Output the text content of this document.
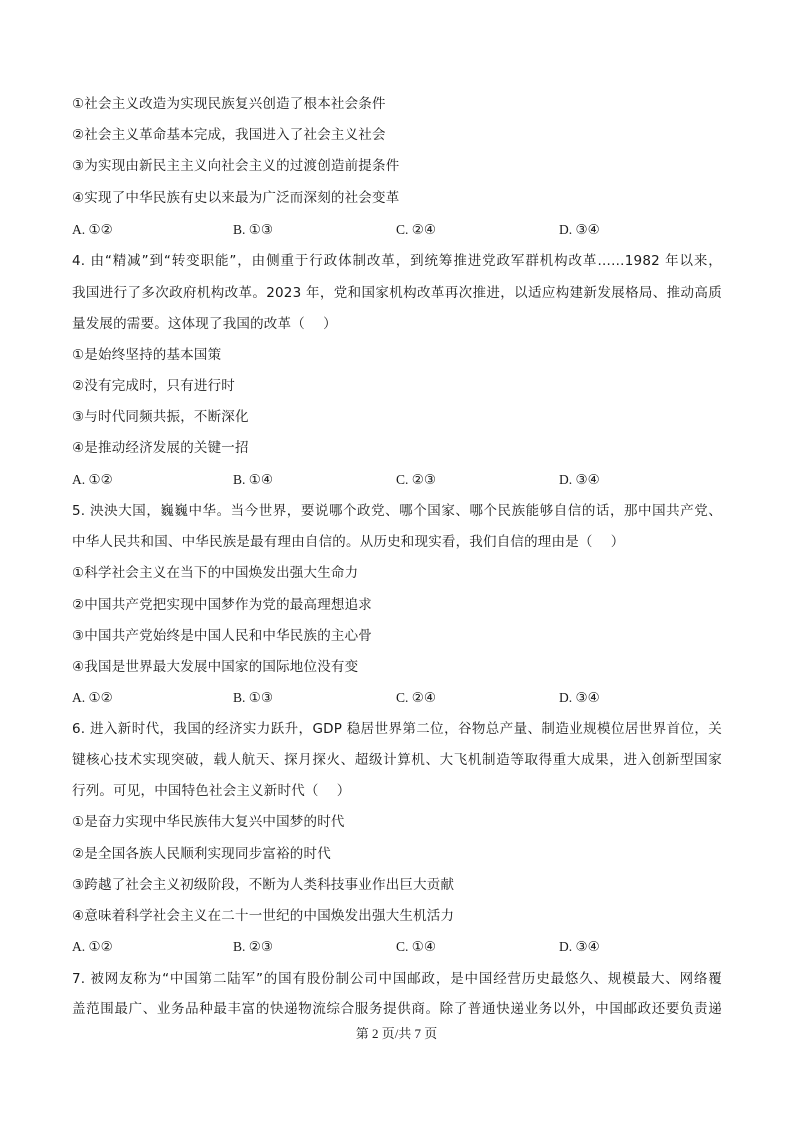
①社会主义改造为实现民族复兴创造了根本社会条件
②社会主义革命基本完成，我国进入了社会主义社会
③为实现由新民主主义向社会主义的过渡创造前提条件
④实现了中华民族有史以来最为广泛而深刻的社会变革
A. ①②	B. ①③	C. ②④	D. ③④
4. 由“精减”到“转变职能”，由侧重于行政体制改革，到统筹推进党政军群机构改革……1982 年以来，
我国进行了多次政府机构改革。2023 年，党和国家机构改革再次推进，以适应构建新发展格局、推动高质
量发展的需要。这体现了我国的改革（　 ）
①是始终坚持的基本国策
②没有完成时，只有进行时
③与时代同频共振，不断深化
④是推动经济发展的关键一招
A. ①②	B. ①④	C. ②③	D. ③④
5. 泱泱大国，巍巍中华。当今世界，要说哪个政党、哪个国家、哪个民族能够自信的话，那中国共产党、
中华人民共和国、中华民族是最有理由自信的。从历史和现实看，我们自信的理由是（　 ）
①科学社会主义在当下的中国焕发出强大生命力
②中国共产党把实现中国梦作为党的最高理想追求
③中国共产党始终是中国人民和中华民族的主心骨
④我国是世界最大发展中国家的国际地位没有变
A. ①②	B. ①③	C. ②④	D. ③④
6. 进入新时代，我国的经济实力跃升，GDP 稳居世界第二位，谷物总产量、制造业规模位居世界首位，关
键核心技术实现突破，载人航天、探月探火、超级计算机、大飞机制造等取得重大成果，进入创新型国家
行列。可见，中国特色社会主义新时代（　 ）
①是奋力实现中华民族伟大复兴中国梦的时代
②是全国各族人民顺利实现同步富裕的时代
③跨越了社会主义初级阶段，不断为人类科技事业作出巨大贡献
④意味着科学社会主义在二十一世纪的中国焕发出强大生机活力
A. ①②	B. ②③	C. ①④	D. ③④
7. 被网友称为“中国第二陆军”的国有股份制公司中国邮政，是中国经营历史最悠久、规模最大、网络覆
盖范围最广、业务品种最丰富的快递物流综合服务提供商。除了普通快递业务以外，中国邮政还要负责递
第 2 页/共 7 页
